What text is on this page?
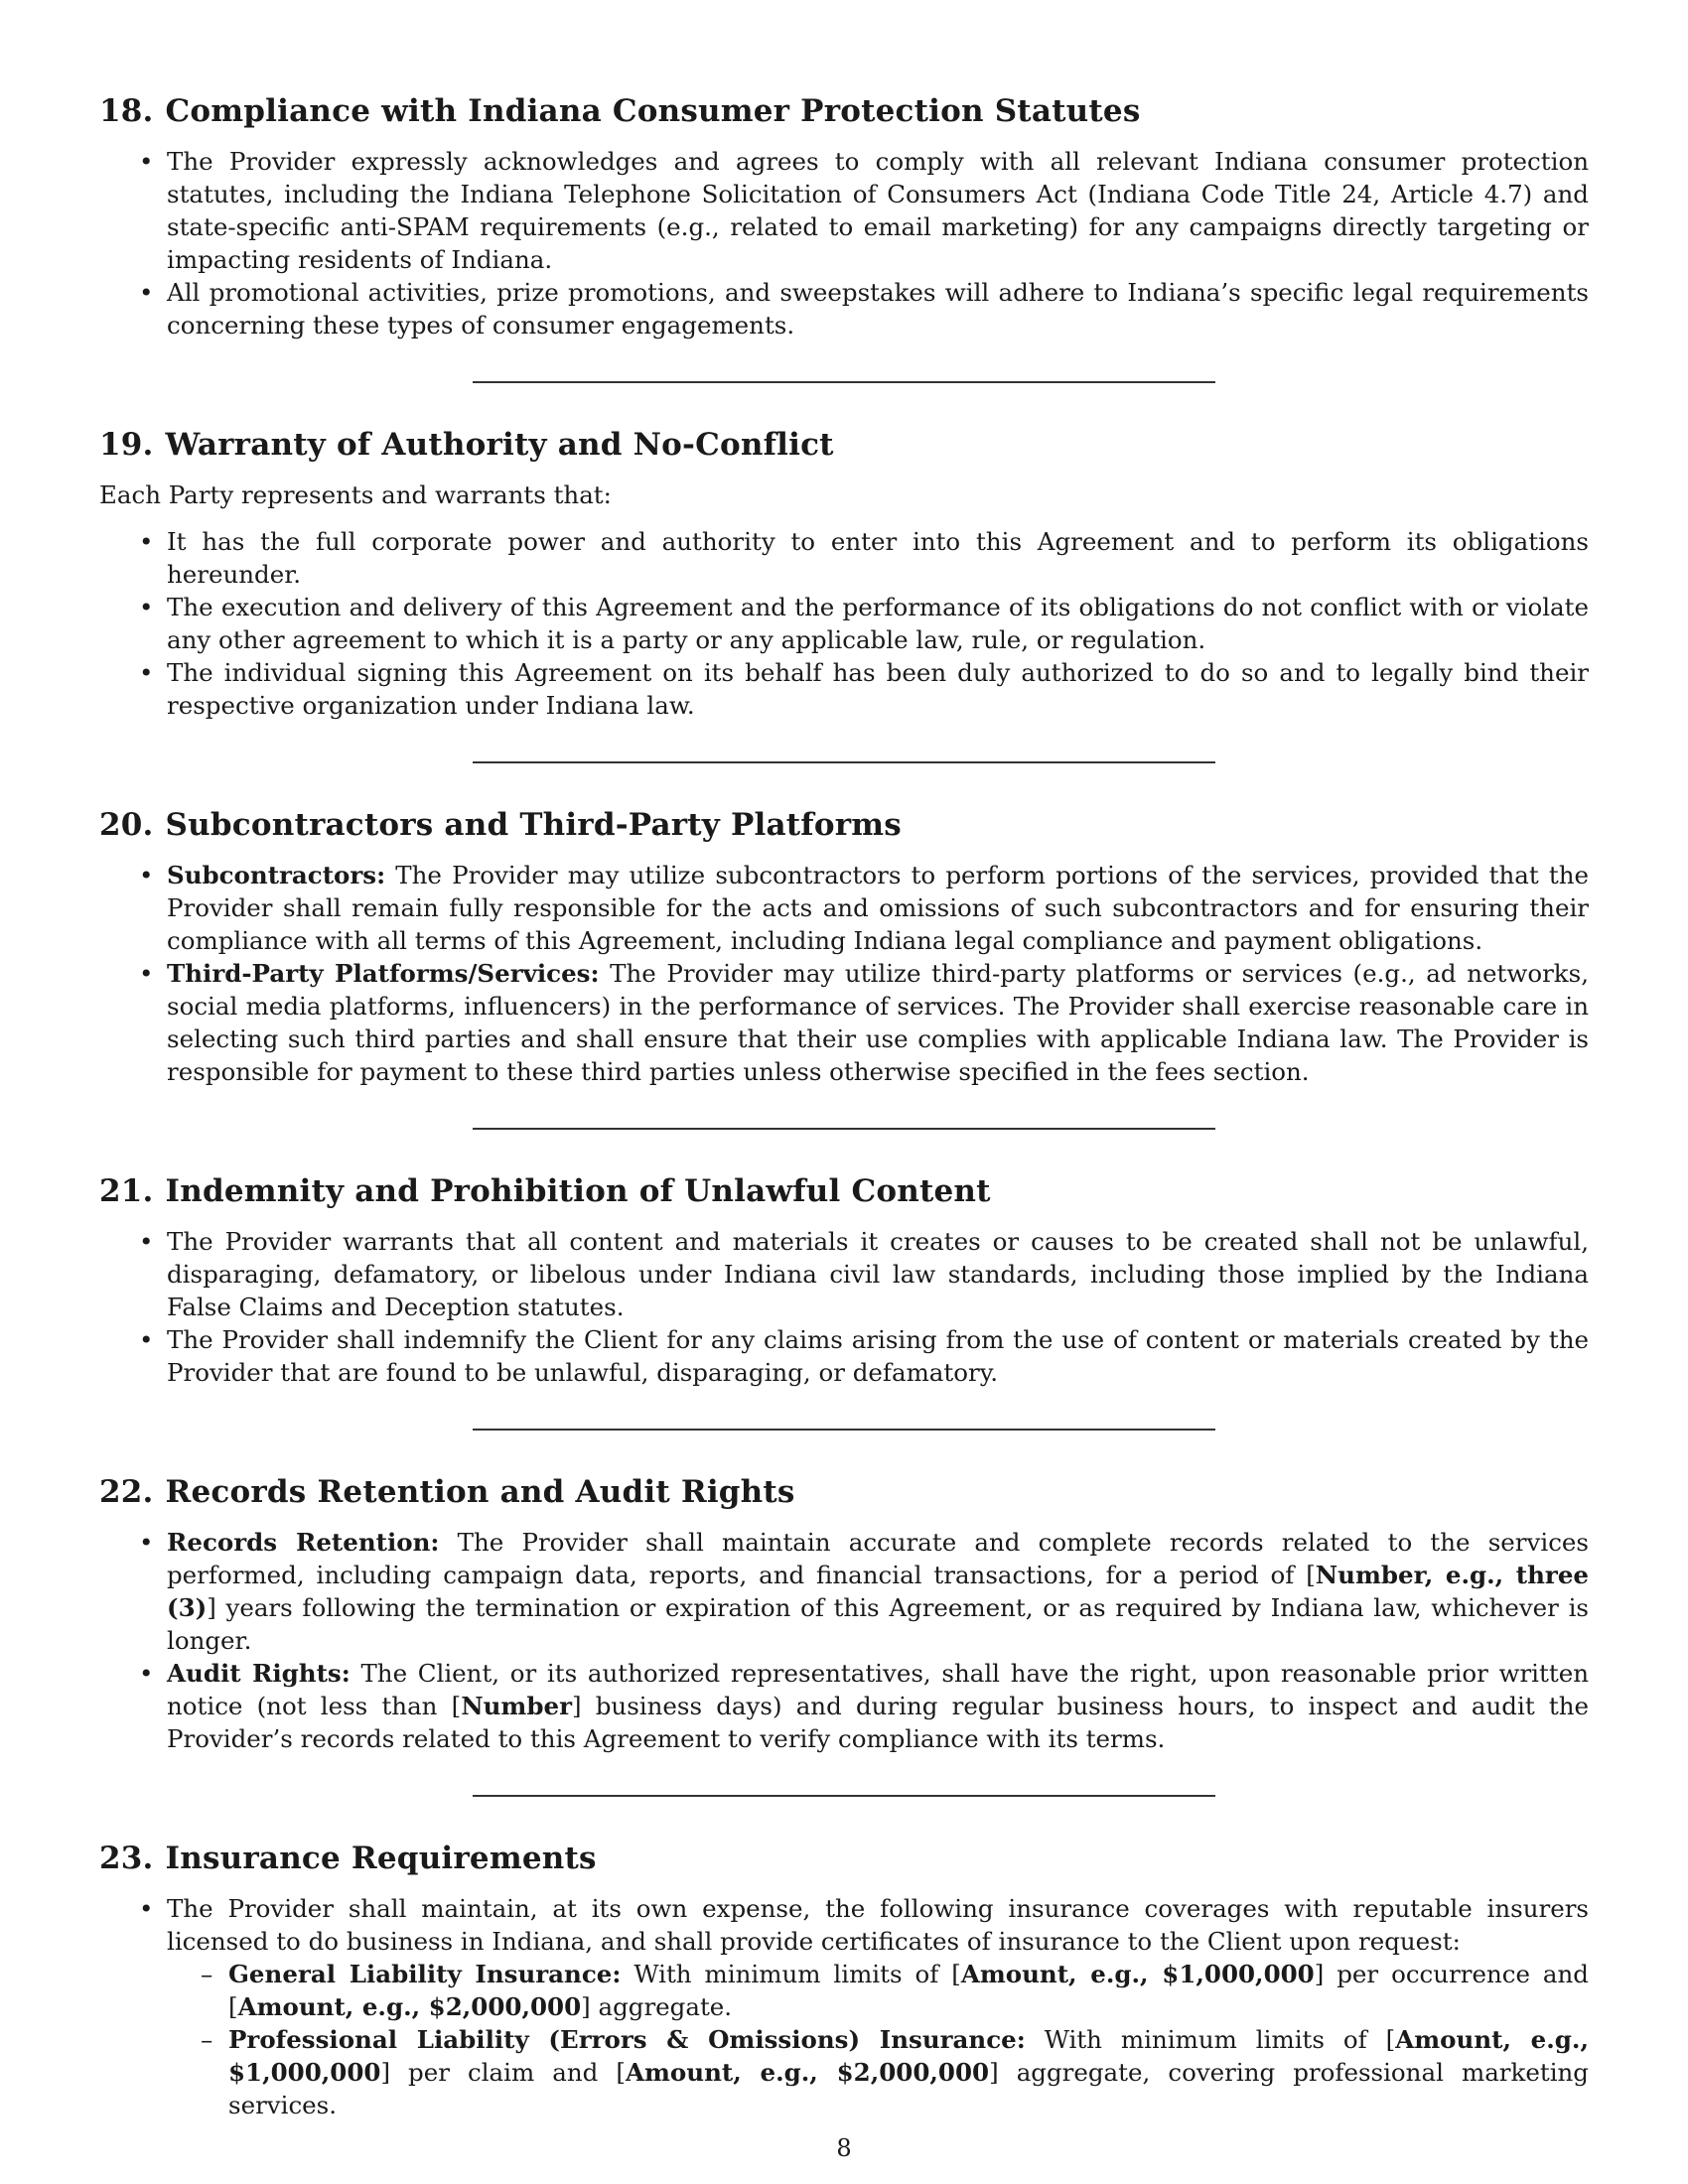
18. Compliance with Indiana Consumer Protection Statutes
• The Provider expressly acknowledges and agrees to comply with all relevant Indiana consumer protection statutes, including the Indiana Telephone Solicitation of Consumers Act (Indiana Code Title 24, Article 4.7) and state-specific anti-SPAM requirements (e.g., related to email marketing) for any campaigns directly targeting or impacting residents of Indiana.
• All promotional activities, prize promotions, and sweepstakes will adhere to Indiana’s specific legal requirements concerning these types of consumer engagements.
19. Warranty of Authority and No-Conflict

Each Party represents and warrants that:

• It has the full corporate power and authority to enter into this Agreement and to perform its obligations hereunder.
• The execution and delivery of this Agreement and the performance of its obligations do not conflict with or violate any other agreement to which it is a party or any applicable law, rule, or regulation.
• The individual signing this Agreement on its behalf has been duly authorized to do so and to legally bind their respective organization under Indiana law.
20. Subcontractors and Third-Party Platforms
• Subcontractors: The Provider may utilize subcontractors to perform portions of the services, provided that the Provider shall remain fully responsible for the acts and omissions of such subcontractors and for ensuring their compliance with all terms of this Agreement, including Indiana legal compliance and payment obligations.
• Third-Party Platforms/Services: The Provider may utilize third-party platforms or services (e.g., ad networks, social media platforms, influencers) in the performance of services. The Provider shall exercise reasonable care in selecting such third parties and shall ensure that their use complies with applicable Indiana law. The Provider is responsible for payment to these third parties unless otherwise specified in the fees section.
21. Indemnity and Prohibition of Unlawful Content
• The Provider warrants that all content and materials it creates or causes to be created shall not be unlawful, disparaging, defamatory, or libelous under Indiana civil law standards, including those implied by the Indiana False Claims and Deception statutes.
• The Provider shall indemnify the Client for any claims arising from the use of content or materials created by the Provider that are found to be unlawful, disparaging, or defamatory.
22. Records Retention and Audit Rights
• Records Retention: The Provider shall maintain accurate and complete records related to the services performed, including campaign data, reports, and financial transactions, for a period of [Number, e.g., three (3)] years following the termination or expiration of this Agreement, or as required by Indiana law, whichever is longer.
• Audit Rights: The Client, or its authorized representatives, shall have the right, upon reasonable prior written notice (not less than [Number] business days) and during regular business hours, to inspect and audit the Provider’s records related to this Agreement to verify compliance with its terms.
23. Insurance Requirements
• The Provider shall maintain, at its own expense, the following insurance coverages with reputable insurers licensed to do business in Indiana, and shall provide certificates of insurance to the Client upon request:
– General Liability Insurance: With minimum limits of [Amount, e.g., $1,000,000] per occurrence and [Amount, e.g., $2,000,000] aggregate.
– Professional Liability (Errors & Omissions) Insurance: With minimum limits of [Amount, e.g., $1,000,000] per claim and [Amount, e.g., $2,000,000] aggregate, covering professional marketing services.
8
